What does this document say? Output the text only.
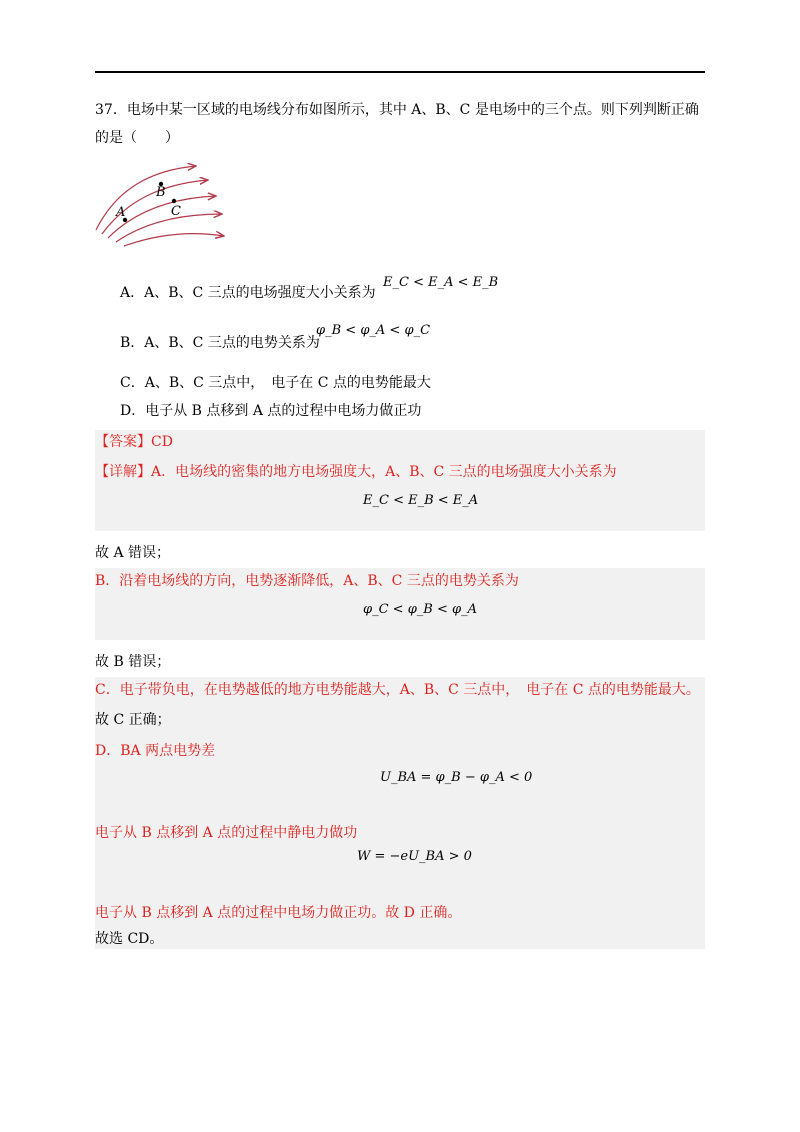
37．电场中某一区域的电场线分布如图所示，其中 A、B、C 是电场中的三个点。则下列判断正确
的是（　　）
B
C
A
A．A、B、C 三点的电场强度大小关系为
E_C < E_A < E_B
B．A、B、C 三点的电势关系为
φ_B < φ_A < φ_C
C．A、B、C 三点中，　电子在 C 点的电势能最大
D．电子从 B 点移到 A 点的过程中电场力做正功
【答案】CD
【详解】A．电场线的密集的地方电场强度大，A、B、C 三点的电场强度大小关系为
E_C < E_B < E_A
故 A 错误；
B．沿着电场线的方向，电势逐渐降低，A、B、C 三点的电势关系为
φ_C < φ_B < φ_A
故 B 错误；
C．电子带负电，在电势越低的地方电势能越大，A、B、C 三点中，　电子在 C 点的电势能最大。
故 C 正确；
D．BA 两点电势差
U_BA = φ_B − φ_A < 0
电子从 B 点移到 A 点的过程中静电力做功
W = −eU_BA > 0
电子从 B 点移到 A 点的过程中电场力做正功。故 D 正确。
故选 CD。
